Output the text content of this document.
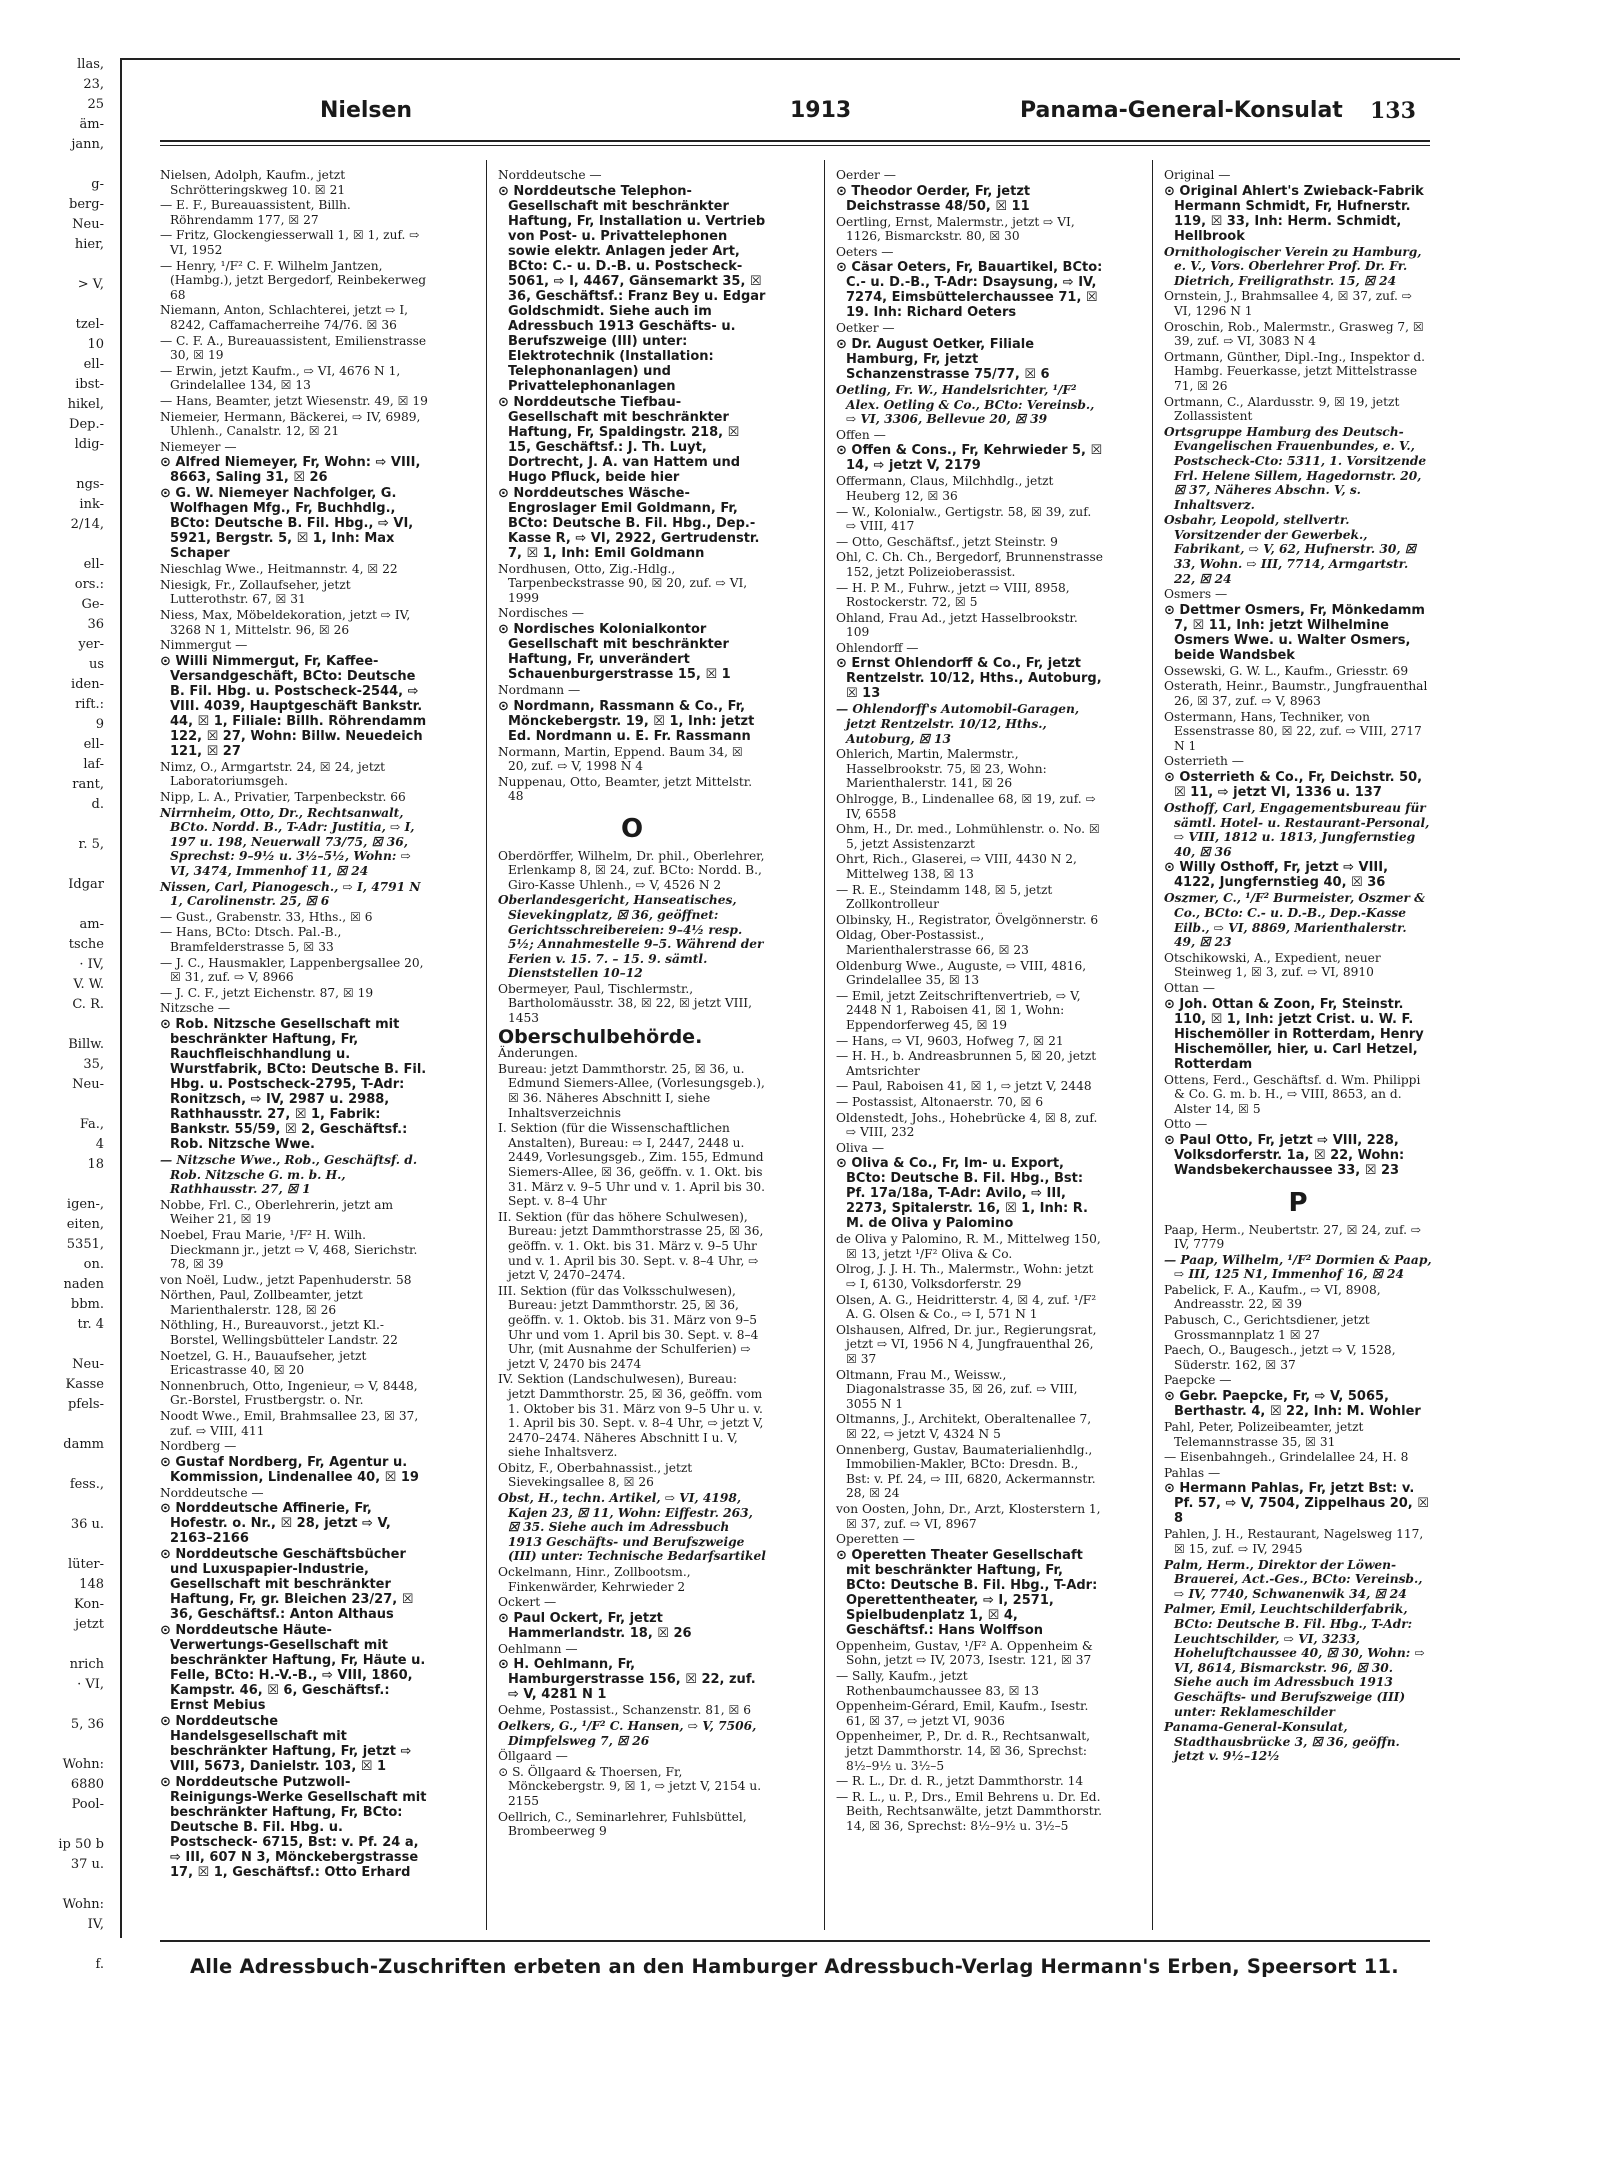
llas,
23,
25
äm-
jann,

g-
berg-
Neu-
hier,

> V,

tzel-
10
ell-
ibst-
hikel,
Dep.-
ldig-

ngs-
ink-
2/14,

ell-
ors.:
Ge-
36
yer-
us
iden-
rift.:
9
ell-
laf-
rant,
d.

r. 5,

Idgar

am-
tsche
· IV,
V. W.
C. R.

Billw.
35,
Neu-

Fa.,
4
18

igen-,
eiten,
5351,
on.
naden
bbm.
tr. 4

Neu-
Kasse
pfels-

damm

fess.,

36 u.

lüter-
148
Kon-
jetzt

nrich
· VI,

5, 36

Wohn:
6880
Pool-

ip 50 b
37 u.

Wohn:
IV,

f.
Nielsen	1913	Panama-General-Konsulat 133
Nielsen, Adolph, Kaufm., jetzt Schrötteringskweg 10. ☒ 21
— E. F., Bureauassistent, Billh. Röhrendamm 177, ☒ 27
— Fritz, Glockengiesserwall 1, ☒ 1, zuf. ⇨ VI, 1952
— Henry, ¹/F² C. F. Wilhelm Jantzen, (Hambg.), jetzt Bergedorf, Reinbekerweg 68
Niemann, Anton, Schlachterei, jetzt ⇨ I, 8242, Caffamacherreihe 74/76. ☒ 36
— C. F. A., Bureauassistent, Emilienstrasse 30, ☒ 19
— Erwin, jetzt Kaufm., ⇨ VI, 4676 N 1, Grindelallee 134, ☒ 13
— Hans, Beamter, jetzt Wiesenstr. 49, ☒ 19
Niemeier, Hermann, Bäckerei, ⇨ IV, 6989, Uhlenh., Canalstr. 12, ☒ 21
Niemeyer —
⊙ Alfred Niemeyer, Fr, Wohn: ⇨ VIII, 8663, Saling 31, ☒ 26
⊙ G. W. Niemeyer Nachfolger, G. Wolfhagen Mfg., Fr, Buchhdlg., BCto: Deutsche B. Fil. Hbg., ⇨ VI, 5921, Bergstr. 5, ☒ 1, Inh: Max Schaper
Nieschlag Wwe., Heitmannstr. 4, ☒ 22
Niesigk, Fr., Zollaufseher, jetzt Lutterothstr. 67, ☒ 31
Niess, Max, Möbeldekoration, jetzt ⇨ IV, 3268 N 1, Mittelstr. 96, ☒ 26
Nimmergut —
⊙ Willi Nimmergut, Fr, Kaffee-Versandgeschäft, BCto: Deutsche B. Fil. Hbg. u. Postscheck-2544, ⇨ VIII. 4039, Hauptgeschäft Bankstr. 44, ☒ 1, Filiale: Billh. Röhrendamm 122, ☒ 27, Wohn: Billw. Neuedeich 121, ☒ 27
Nimz, O., Armgartstr. 24, ☒ 24, jetzt Laboratoriumsgeh.
Nipp, L. A., Privatier, Tarpenbeckstr. 66
Nirrnheim, Otto, Dr., Rechtsanwalt, BCto. Nordd. B., T-Adr: Justitia, ⇨ I, 197 u. 198, Neuerwall 73/75, ☒ 36, Sprechst: 9–9½ u. 3½–5½, Wohn: ⇨ VI, 3474, Immenhof 11, ☒ 24
Nissen, Carl, Pianogesch., ⇨ I, 4791 N 1, Carolinenstr. 25, ☒ 6
— Gust., Grabenstr. 33, Hths., ☒ 6
— Hans, BCto: Dtsch. Pal.-B., Bramfelderstrasse 5, ☒ 33
— J. C., Hausmakler, Lappenbergsallee 20, ☒ 31, zuf. ⇨ V, 8966
— J. C. F., jetzt Eichenstr. 87, ☒ 19
Nitzsche —
⊙ Rob. Nitzsche Gesellschaft mit beschränkter Haftung, Fr, Rauchfleischhandlung u. Wurstfabrik, BCto: Deutsche B. Fil. Hbg. u. Postscheck-2795, T-Adr: Ronitzsch, ⇨ IV, 2987 u. 2988, Rathhausstr. 27, ☒ 1, Fabrik: Bankstr. 55/59, ☒ 2, Geschäftsf.: Rob. Nitzsche Wwe.
— Nitzsche Wwe., Rob., Geschäftsf. d. Rob. Nitzsche G. m. b. H., Rathhausstr. 27, ☒ 1
Nobbe, Frl. C., Oberlehrerin, jetzt am Weiher 21, ☒ 19
Noebel, Frau Marie, ¹/F² H. Wilh. Dieckmann jr., jetzt ⇨ V, 468, Sierichstr. 78, ☒ 39
von Noël, Ludw., jetzt Papenhuderstr. 58
Nörthen, Paul, Zollbeamter, jetzt Marienthalerstr. 128, ☒ 26
Nöthling, H., Bureauvorst., jetzt Kl.-Borstel, Wellingsbütteler Landstr. 22
Noetzel, G. H., Bauaufseher, jetzt Ericastrasse 40, ☒ 20
Nonnenbruch, Otto, Ingenieur, ⇨ V, 8448, Gr.-Borstel, Frustbergstr. o. Nr.
Noodt Wwe., Emil, Brahmsallee 23, ☒ 37, zuf. ⇨ VIII, 411
Nordberg —
⊙ Gustaf Nordberg, Fr, Agentur u. Kommission, Lindenallee 40, ☒ 19
Norddeutsche —
⊙ Norddeutsche Affinerie, Fr, Hofestr. o. Nr., ☒ 28, jetzt ⇨ V, 2163–2166
⊙ Norddeutsche Geschäftsbücher und Luxuspapier-Industrie, Gesellschaft mit beschränkter Haftung, Fr, gr. Bleichen 23/27, ☒ 36, Geschäftsf.: Anton Althaus
⊙ Norddeutsche Häute-Verwertungs-Gesellschaft mit beschränkter Haftung, Fr, Häute u. Felle, BCto: H.-V.-B., ⇨ VIII, 1860, Kampstr. 46, ☒ 6, Geschäftsf.: Ernst Mebius
⊙ Norddeutsche Handelsgesellschaft mit beschränkter Haftung, Fr, jetzt ⇨ VIII, 5673, Danielstr. 103, ☒ 1
⊙ Norddeutsche Putzwoll-Reinigungs-Werke Gesellschaft mit beschränkter Haftung, Fr, BCto: Deutsche B. Fil. Hbg. u. Postscheck- 6715, Bst: v. Pf. 24 a, ⇨ III, 607 N 3, Mönckebergstrasse 17, ☒ 1, Geschäftsf.: Otto Erhard
Norddeutsche —
⊙ Norddeutsche Telephon-Gesellschaft mit beschränkter Haftung, Fr, Installation u. Vertrieb von Post- u. Privattelephonen sowie elektr. Anlagen jeder Art, BCto: C.- u. D.-B. u. Postscheck- 5061, ⇨ I, 4467, Gänsemarkt 35, ☒ 36, Geschäftsf.: Franz Bey u. Edgar Goldschmidt. Siehe auch im Adressbuch 1913 Geschäfts- u. Berufszweige (III) unter: Elektrotechnik (Installation: Telephonanlagen) und Privattelephonanlagen
⊙ Norddeutsche Tiefbau-Gesellschaft mit beschränkter Haftung, Fr, Spaldingstr. 218, ☒ 15, Geschäftsf.: J. Th. Luyt, Dortrecht, J. A. van Hattem und Hugo Pfluck, beide hier
⊙ Norddeutsches Wäsche-Engroslager Emil Goldmann, Fr, BCto: Deutsche B. Fil. Hbg., Dep.-Kasse R, ⇨ VI, 2922, Gertrudenstr. 7, ☒ 1, Inh: Emil Goldmann
Nordhusen, Otto, Zig.-Hdlg., Tarpenbeckstrasse 90, ☒ 20, zuf. ⇨ VI, 1999
Nordisches —
⊙ Nordisches Kolonialkontor Gesellschaft mit beschränkter Haftung, Fr, unverändert Schauenburgerstrasse 15, ☒ 1
Nordmann —
⊙ Nordmann, Rassmann & Co., Fr, Mönckebergstr. 19, ☒ 1, Inh: jetzt Ed. Nordmann u. E. Fr. Rassmann
Normann, Martin, Eppend. Baum 34, ☒ 20, zuf. ⇨ V, 1998 N 4
Nuppenau, Otto, Beamter, jetzt Mittelstr. 48
O
Oberdörffer, Wilhelm, Dr. phil., Oberlehrer, Erlenkamp 8, ☒ 24, zuf. BCto: Nordd. B., Giro-Kasse Uhlenh., ⇨ V, 4526 N 2
Oberlandesgericht, Hanseatisches, Sievekingplatz, ☒ 36, geöffnet: Gerichtsschreibereien: 9–4½ resp. 5½; Annahmestelle 9–5. Während der Ferien v. 15. 7. – 15. 9. sämtl. Dienststellen 10–12
Obermeyer, Paul, Tischlermstr., Bartholomäusstr. 38, ☒ 22, ☒ jetzt VIII, 1453
Oberschulbehörde.
Änderungen.
Bureau: jetzt Dammthorstr. 25, ☒ 36, u. Edmund Siemers-Allee, (Vorlesungsgeb.), ☒ 36. Näheres Abschnitt I, siehe Inhaltsverzeichnis
I. Sektion (für die Wissenschaftlichen Anstalten), Bureau: ⇨ I, 2447, 2448 u. 2449, Vorlesungsgeb., Zim. 155, Edmund Siemers-Allee, ☒ 36, geöffn. v. 1. Okt. bis 31. März v. 9–5 Uhr und v. 1. April bis 30. Sept. v. 8–4 Uhr
II. Sektion (für das höhere Schulwesen), Bureau: jetzt Dammthorstrasse 25, ☒ 36, geöffn. v. 1. Okt. bis 31. März v. 9–5 Uhr und v. 1. April bis 30. Sept. v. 8–4 Uhr, ⇨ jetzt V, 2470–2474.
III. Sektion (für das Volksschulwesen), Bureau: jetzt Dammthorstr. 25, ☒ 36, geöffn. v. 1. Oktob. bis 31. März von 9–5 Uhr und vom 1. April bis 30. Sept. v. 8–4 Uhr, (mit Ausnahme der Schulferien) ⇨ jetzt V, 2470 bis 2474
IV. Sektion (Landschulwesen), Bureau: jetzt Dammthorstr. 25, ☒ 36, geöffn. vom 1. Oktober bis 31. März von 9–5 Uhr u. v. 1. April bis 30. Sept. v. 8–4 Uhr, ⇨ jetzt V, 2470–2474. Näheres Abschnitt I u. V, siehe Inhaltsverz.
Obitz, F., Oberbahnassist., jetzt Sievekingsallee 8, ☒ 26
Obst, H., techn. Artikel, ⇨ VI, 4198, Kajen 23, ☒ 11, Wohn: Eiffestr. 263, ☒ 35. Siehe auch im Adressbuch 1913 Geschäfts- und Berufszweige (III) unter: Technische Bedarfsartikel
Ockelmann, Hinr., Zollbootsm., Finkenwärder, Kehrwieder 2
Ockert —
⊙ Paul Ockert, Fr, jetzt Hammerlandstr. 18, ☒ 26
Oehlmann —
⊙ H. Oehlmann, Fr, Hamburgerstrasse 156, ☒ 22, zuf. ⇨ V, 4281 N 1
Oehme, Postassist., Schanzenstr. 81, ☒ 6
Oelkers, G., ¹/F² C. Hansen, ⇨ V, 7506, Dimpfelsweg 7, ☒ 26
Öllgaard —
⊙ S. Öllgaard & Thoersen, Fr, Mönckebergstr. 9, ☒ 1, ⇨ jetzt V, 2154 u. 2155
Oellrich, C., Seminarlehrer, Fuhlsbüttel, Brombeerweg 9
Oerder —
⊙ Theodor Oerder, Fr, jetzt Deichstrasse 48/50, ☒ 11
Oertling, Ernst, Malermstr., jetzt ⇨ VI, 1126, Bismarckstr. 80, ☒ 30
Oeters —
⊙ Cäsar Oeters, Fr, Bauartikel, BCto: C.- u. D.-B., T-Adr: Dsaysung, ⇨ IV, 7274, Eimsbüttelerchaussee 71, ☒ 19. Inh: Richard Oeters
Oetker —
⊙ Dr. August Oetker, Filiale Hamburg, Fr, jetzt Schanzenstrasse 75/77, ☒ 6
Oetling, Fr. W., Handelsrichter, ¹/F² Alex. Oetling & Co., BCto: Vereinsb., ⇨ VI, 3306, Bellevue 20, ☒ 39
Offen —
⊙ Offen & Cons., Fr, Kehrwieder 5, ☒ 14, ⇨ jetzt V, 2179
Offermann, Claus, Milchhdlg., jetzt Heuberg 12, ☒ 36
— W., Kolonialw., Gertigstr. 58, ☒ 39, zuf. ⇨ VIII, 417
— Otto, Geschäftsf., jetzt Steinstr. 9
Ohl, C. Ch. Ch., Bergedorf, Brunnenstrasse 152, jetzt Polizeioberassist.
— H. P. M., Fuhrw., jetzt ⇨ VIII, 8958, Rostockerstr. 72, ☒ 5
Ohland, Frau Ad., jetzt Hasselbrookstr. 109
Ohlendorff —
⊙ Ernst Ohlendorff & Co., Fr, jetzt Rentzelstr. 10/12, Hths., Autoburg, ☒ 13
— Ohlendorff's Automobil-Garagen, jetzt Rentzelstr. 10/12, Hths., Autoburg, ☒ 13
Ohlerich, Martin, Malermstr., Hasselbrookstr. 75, ☒ 23, Wohn: Marienthalerstr. 141, ☒ 26
Ohlrogge, B., Lindenallee 68, ☒ 19, zuf. ⇨ IV, 6558
Ohm, H., Dr. med., Lohmühlenstr. o. No. ☒ 5, jetzt Assistenzarzt
Ohrt, Rich., Glaserei, ⇨ VIII, 4430 N 2, Mittelweg 138, ☒ 13
— R. E., Steindamm 148, ☒ 5, jetzt Zollkontrolleur
Olbinsky, H., Registrator, Övelgönnerstr. 6
Oldag, Ober-Postassist., Marienthalerstrasse 66, ☒ 23
Oldenburg Wwe., Auguste, ⇨ VIII, 4816, Grindelallee 35, ☒ 13
— Emil, jetzt Zeitschriftenvertrieb, ⇨ V, 2448 N 1, Raboisen 41, ☒ 1, Wohn: Eppendorferweg 45, ☒ 19
— Hans, ⇨ VI, 9603, Hofweg 7, ☒ 21
— H. H., b. Andreasbrunnen 5, ☒ 20, jetzt Amtsrichter
— Paul, Raboisen 41, ☒ 1, ⇨ jetzt V, 2448
— Postassist, Altonaerstr. 70, ☒ 6
Oldenstedt, Johs., Hohebrücke 4, ☒ 8, zuf. ⇨ VIII, 232
Oliva —
⊙ Oliva & Co., Fr, Im- u. Export, BCto: Deutsche B. Fil. Hbg., Bst: Pf. 17a/18a, T-Adr: Avilo, ⇨ III, 2273, Spitalerstr. 16, ☒ 1, Inh: R. M. de Oliva y Palomino
de Oliva y Palomino, R. M., Mittelweg 150, ☒ 13, jetzt ¹/F² Oliva & Co.
Olrog, J. J. H. Th., Malermstr., Wohn: jetzt ⇨ I, 6130, Volksdorferstr. 29
Olsen, A. G., Heidritterstr. 4, ☒ 4, zuf. ¹/F² A. G. Olsen & Co., ⇨ I, 571 N 1
Olshausen, Alfred, Dr. jur., Regierungsrat, jetzt ⇨ VI, 1956 N 4, Jungfrauenthal 26, ☒ 37
Oltmann, Frau M., Weissw., Diagonalstrasse 35, ☒ 26, zuf. ⇨ VIII, 3055 N 1
Oltmanns, J., Architekt, Oberaltenallee 7, ☒ 22, ⇨ jetzt V, 4324 N 5
Onnenberg, Gustav, Baumaterialienhdlg., Immobilien-Makler, BCto: Dresdn. B., Bst: v. Pf. 24, ⇨ III, 6820, Ackermannstr. 28, ☒ 24
von Oosten, John, Dr., Arzt, Klosterstern 1, ☒ 37, zuf. ⇨ VI, 8967
Operetten —
⊙ Operetten Theater Gesellschaft mit beschränkter Haftung, Fr, BCto: Deutsche B. Fil. Hbg., T-Adr: Operettentheater, ⇨ I, 2571, Spielbudenplatz 1, ☒ 4, Geschäftsf.: Hans Wolffson
Oppenheim, Gustav, ¹/F² A. Oppenheim & Sohn, jetzt ⇨ IV, 2073, Isestr. 121, ☒ 37
— Sally, Kaufm., jetzt Rothenbaumchaussee 83, ☒ 13
Oppenheim-Gérard, Emil, Kaufm., Isestr. 61, ☒ 37, ⇨ jetzt VI, 9036
Oppenheimer, P., Dr. d. R., Rechtsanwalt, jetzt Dammthorstr. 14, ☒ 36, Sprechst: 8½–9½ u. 3½–5
— R. L., Dr. d. R., jetzt Dammthorstr. 14
— R. L., u. P., Drs., Emil Behrens u. Dr. Ed. Beith, Rechtsanwälte, jetzt Dammthorstr. 14, ☒ 36, Sprechst: 8½–9½ u. 3½–5
Original —
⊙ Original Ahlert's Zwieback-Fabrik Hermann Schmidt, Fr, Hufnerstr. 119, ☒ 33, Inh: Herm. Schmidt, Hellbrook
Ornithologischer Verein zu Hamburg, e. V., Vors. Oberlehrer Prof. Dr. Fr. Dietrich, Freiligrathstr. 15, ☒ 24
Ornstein, J., Brahmsallee 4, ☒ 37, zuf. ⇨ VI, 1296 N 1
Oroschin, Rob., Malermstr., Grasweg 7, ☒ 39, zuf. ⇨ VI, 3083 N 4
Ortmann, Günther, Dipl.-Ing., Inspektor d. Hambg. Feuerkasse, jetzt Mittelstrasse 71, ☒ 26
Ortmann, C., Alardusstr. 9, ☒ 19, jetzt Zollassistent
Ortsgruppe Hamburg des Deutsch-Evangelischen Frauenbundes, e. V., Postscheck-Cto: 5311, 1. Vorsitzende Frl. Helene Sillem, Hagedornstr. 20, ☒ 37, Näheres Abschn. V, s. Inhaltsverz.
Osbahr, Leopold, stellvertr. Vorsitzender der Gewerbek., Fabrikant, ⇨ V, 62, Hufnerstr. 30, ☒ 33, Wohn. ⇨ III, 7714, Armgartstr. 22, ☒ 24
Osmers —
⊙ Dettmer Osmers, Fr, Mönkedamm 7, ☒ 11, Inh: jetzt Wilhelmine Osmers Wwe. u. Walter Osmers, beide Wandsbek
Ossewski, G. W. L., Kaufm., Griesstr. 69
Osterath, Heinr., Baumstr., Jungfrauenthal 26, ☒ 37, zuf. ⇨ V, 8963
Ostermann, Hans, Techniker, von Essenstrasse 80, ☒ 22, zuf. ⇨ VIII, 2717 N 1
Osterrieth —
⊙ Osterrieth & Co., Fr, Deichstr. 50, ☒ 11, ⇨ jetzt VI, 1336 u. 137
Osthoff, Carl, Engagementsbureau für sämtl. Hotel- u. Restaurant-Personal, ⇨ VIII, 1812 u. 1813, Jungfernstieg 40, ☒ 36
⊙ Willy Osthoff, Fr, jetzt ⇨ VIII, 4122, Jungfernstieg 40, ☒ 36
Oszmer, C., ¹/F² Burmeister, Oszmer & Co., BCto: C.- u. D.-B., Dep.-Kasse Eilb., ⇨ VI, 8869, Marienthalerstr. 49, ☒ 23
Otschikowski, A., Expedient, neuer Steinweg 1, ☒ 3, zuf. ⇨ VI, 8910
Ottan —
⊙ Joh. Ottan & Zoon, Fr, Steinstr. 110, ☒ 1, Inh: jetzt Crist. u. W. F. Hischemöller in Rotterdam, Henry Hischemöller, hier, u. Carl Hetzel, Rotterdam
Ottens, Ferd., Geschäftsf. d. Wm. Philippi & Co. G. m. b. H., ⇨ VIII, 8653, an d. Alster 14, ☒ 5
Otto —
⊙ Paul Otto, Fr, jetzt ⇨ VIII, 228, Volksdorferstr. 1a, ☒ 22, Wohn: Wandsbekerchaussee 33, ☒ 23
P
Paap, Herm., Neubertstr. 27, ☒ 24, zuf. ⇨ IV, 7779
— Paap, Wilhelm, ¹/F² Dormien & Paap, ⇨ III, 125 N1, Immenhof 16, ☒ 24
Pabelick, F. A., Kaufm., ⇨ VI, 8908, Andreasstr. 22, ☒ 39
Pabusch, C., Gerichtsdiener, jetzt Grossmannplatz 1 ☒ 27
Paech, O., Baugesch., jetzt ⇨ V, 1528, Süderstr. 162, ☒ 37
Paepcke —
⊙ Gebr. Paepcke, Fr, ⇨ V, 5065, Berthastr. 4, ☒ 22, Inh: M. Wohler
Pahl, Peter, Polizeibeamter, jetzt Telemannstrasse 35, ☒ 31
— Eisenbahngeh., Grindelallee 24, H. 8
Pahlas —
⊙ Hermann Pahlas, Fr, jetzt Bst: v. Pf. 57, ⇨ V, 7504, Zippelhaus 20, ☒ 8
Pahlen, J. H., Restaurant, Nagelsweg 117, ☒ 15, zuf. ⇨ IV, 2945
Palm, Herm., Direktor der Löwen-Brauerei, Act.-Ges., BCto: Vereinsb., ⇨ IV, 7740, Schwanenwik 34, ☒ 24
Palmer, Emil, Leuchtschilderfabrik, BCto: Deutsche B. Fil. Hbg., T-Adr: Leuchtschilder, ⇨ VI, 3233, Hoheluftchaussee 40, ☒ 30, Wohn: ⇨ VI, 8614, Bismarckstr. 96, ☒ 30. Siehe auch im Adressbuch 1913 Geschäfts- und Berufszweige (III) unter: Reklameschilder
Panama-General-Konsulat, Stadthausbrücke 3, ☒ 36, geöffn. jetzt v. 9½–12½
Alle Adressbuch-Zuschriften erbeten an den Hamburger Adressbuch-Verlag Hermann's Erben, Speersort 11.
